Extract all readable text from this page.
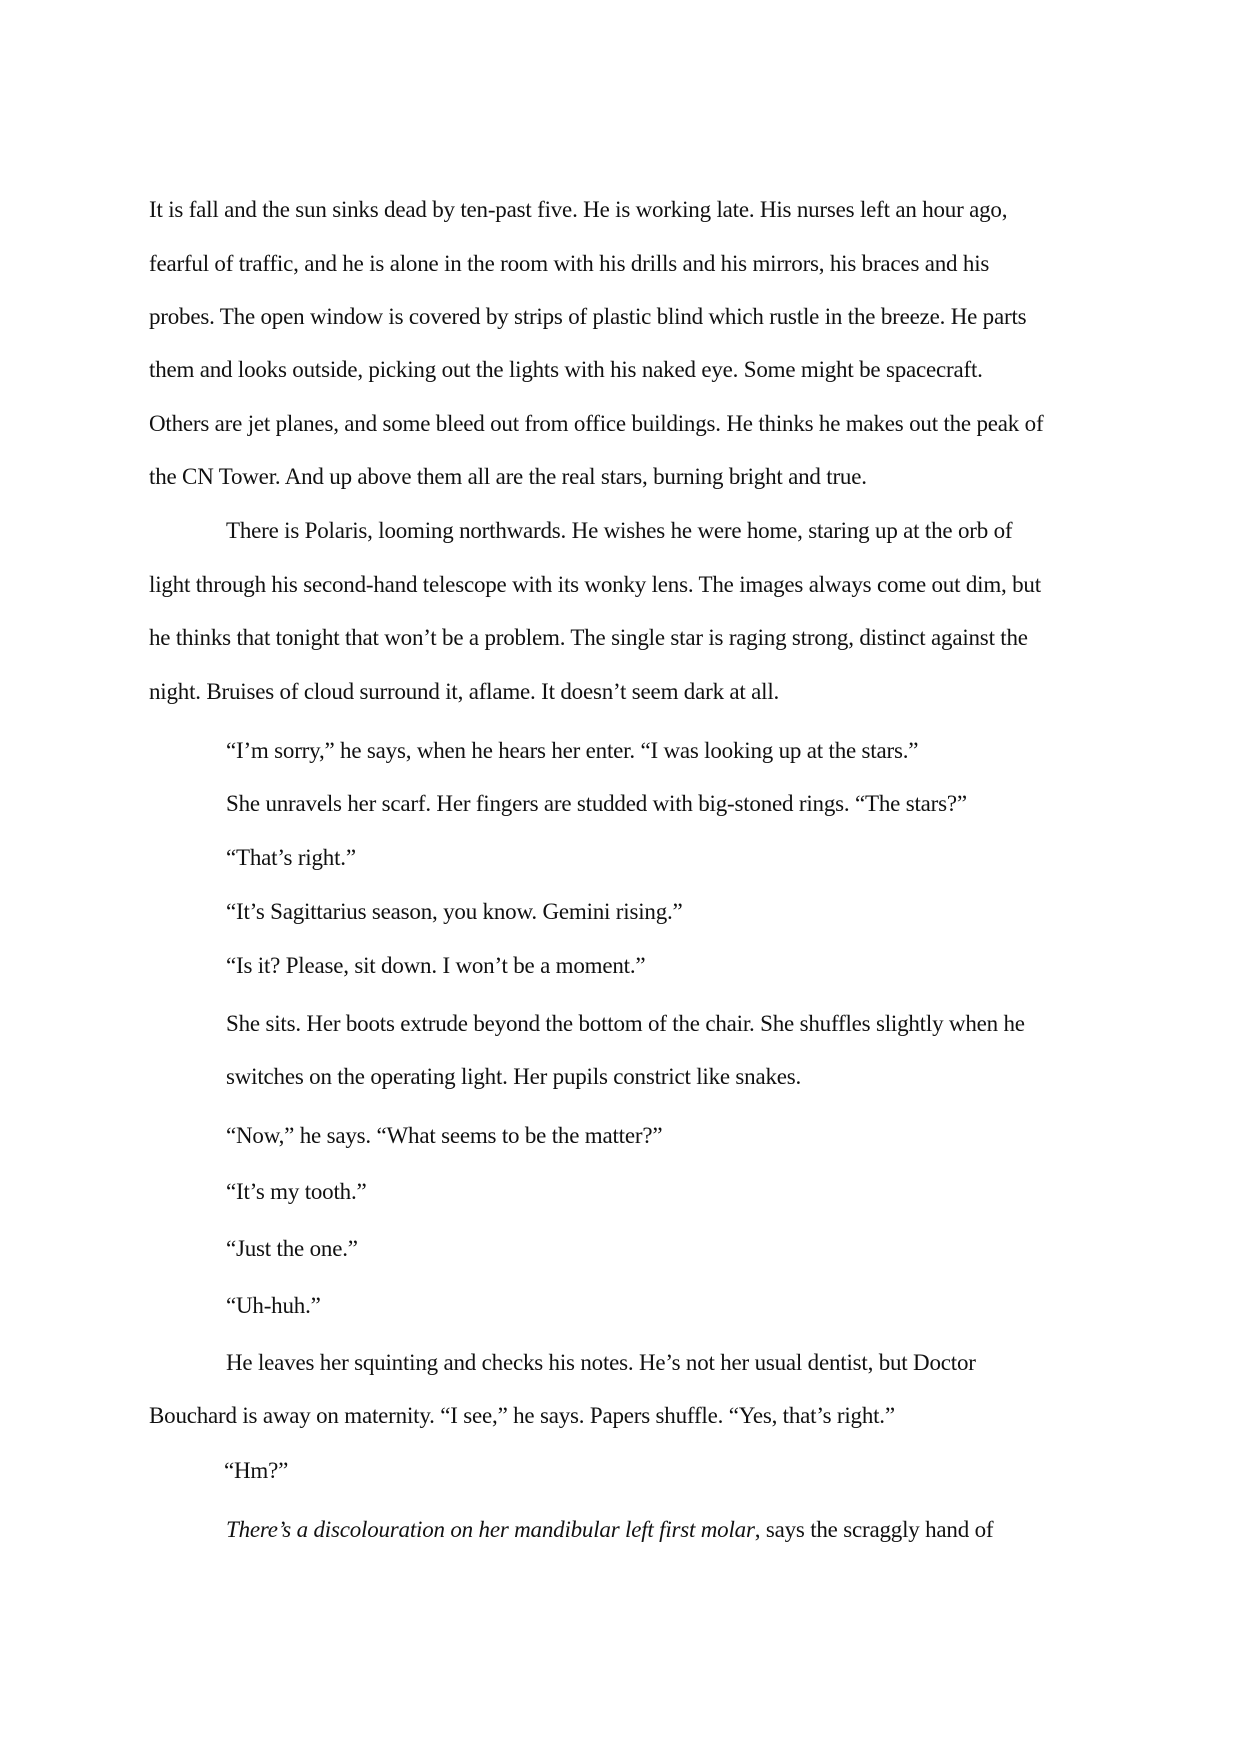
It is fall and the sun sinks dead by ten-past five. He is working late. His nurses left an hour ago,
fearful of traffic, and he is alone in the room with his drills and his mirrors, his braces and his
probes. The open window is covered by strips of plastic blind which rustle in the breeze. He parts
them and looks outside, picking out the lights with his naked eye. Some might be spacecraft.
Others are jet planes, and some bleed out from office buildings. He thinks he makes out the peak of
the CN Tower. And up above them all are the real stars, burning bright and true.
There is Polaris, looming northwards. He wishes he were home, staring up at the orb of
light through his second-hand telescope with its wonky lens. The images always come out dim, but
he thinks that tonight that won’t be a problem. The single star is raging strong, distinct against the
night. Bruises of cloud surround it, aflame. It doesn’t seem dark at all.
“I’m sorry,” he says, when he hears her enter. “I was looking up at the stars.”
She unravels her scarf. Her fingers are studded with big-stoned rings. “The stars?”
“That’s right.”
“It’s Sagittarius season, you know. Gemini rising.”
“Is it? Please, sit down. I won’t be a moment.”
She sits. Her boots extrude beyond the bottom of the chair. She shuffles slightly when he
switches on the operating light. Her pupils constrict like snakes.
“Now,” he says. “What seems to be the matter?”
“It’s my tooth.”
“Just the one.”
“Uh-huh.”
He leaves her squinting and checks his notes. He’s not her usual dentist, but Doctor
Bouchard is away on maternity. “I see,” he says. Papers shuffle. “Yes, that’s right.”
“Hm?”
There’s a discolouration on her mandibular left first molar, says the scraggly hand of
